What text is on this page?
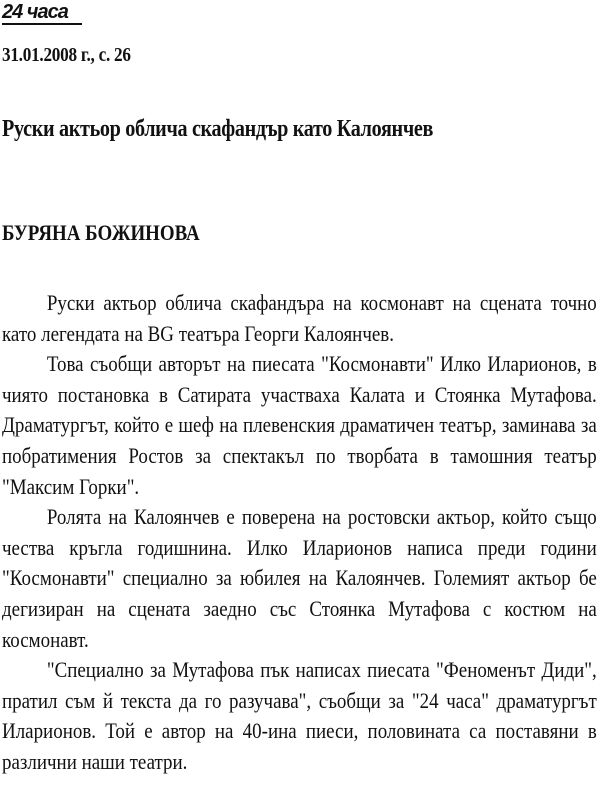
24 часа
31.01.2008 г., с. 26
Руски актьор облича скафандър като Калоянчев
БУРЯНА БОЖИНОВА

Руски актьор облича скафандъра на космонавт на сцената точно като легендата на BG театъра Георги Калоянчев.

Това съобщи авторът на пиесата "Космонавти" Илко Иларионов, в чиято постановка в Сатирата участваха Калата и Стоянка Мутафова. Драматургът, който е шеф на плевенския драматичен театър, заминава за побратимения Ростов за спектакъл по творбата в тамошния театър "Максим Горки".

Ролята на Калоянчев е поверена на ростовски актьор, който също чества кръгла годишнина. Илко Иларионов написа преди години "Космонавти" специално за юбилея на Калоянчев. Големият актьор бе дегизиран на сцената заедно със Стоянка Мутафова с костюм на космонавт.

"Специално за Мутафова пък написах пиесата "Феноменът Диди", пратил съм й текста да го разучава", съобщи за "24 часа" драматургът Иларионов. Той е автор на 40-ина пиеси, половината са поставяни в различни наши театри.
